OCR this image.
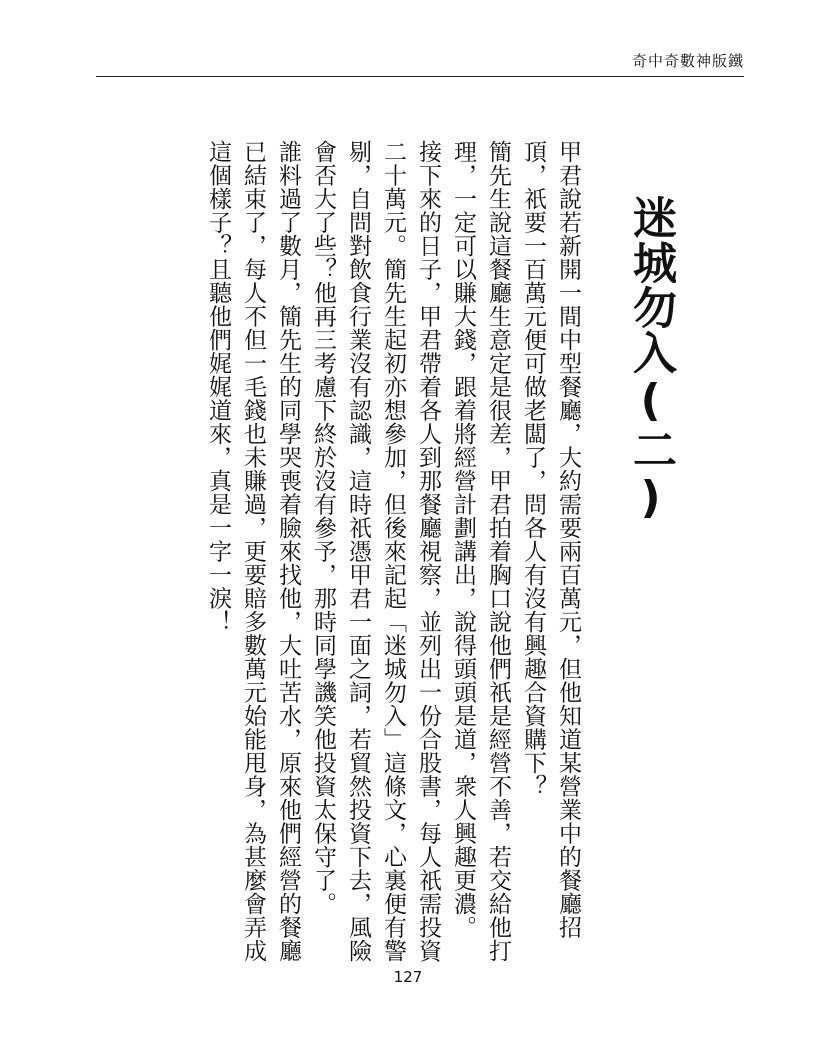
奇中奇數神版鐵
迷城勿入(二)

甲君說若新開一間中型餐廳，大約需要兩百萬元，但他知道某營業中的餐廳招頂，祇要一百萬元便可做老闆了，問各人有沒有興趣合資購下？

簡先生說這餐廳生意定是很差，甲君拍着胸口說他們祇是經營不善，若交給他打理，一定可以賺大錢，跟着將經營計劃講出，說得頭頭是道，衆人興趣更濃。

接下來的日子，甲君帶着各人到那餐廳視察，並列出一份合股書，每人祇需投資二十萬元。簡先生起初亦想參加，但後來記起「迷城勿入」這條文，心裏便有警剔，自問對飲食行業沒有認識，這時祇憑甲君一面之詞，若貿然投資下去，風險會否大了些？他再三考慮下終於沒有參予，那時同學譏笑他投資太保守了。

誰料過了數月，簡先生的同學哭喪着臉來找他，大吐苦水，原來他們經營的餐廳已結束了，每人不但一毛錢也未賺過，更要賠多數萬元始能甩身，為甚麼會弄成這個樣子？且聽他們娓娓道來，真是一字一淚！

127
